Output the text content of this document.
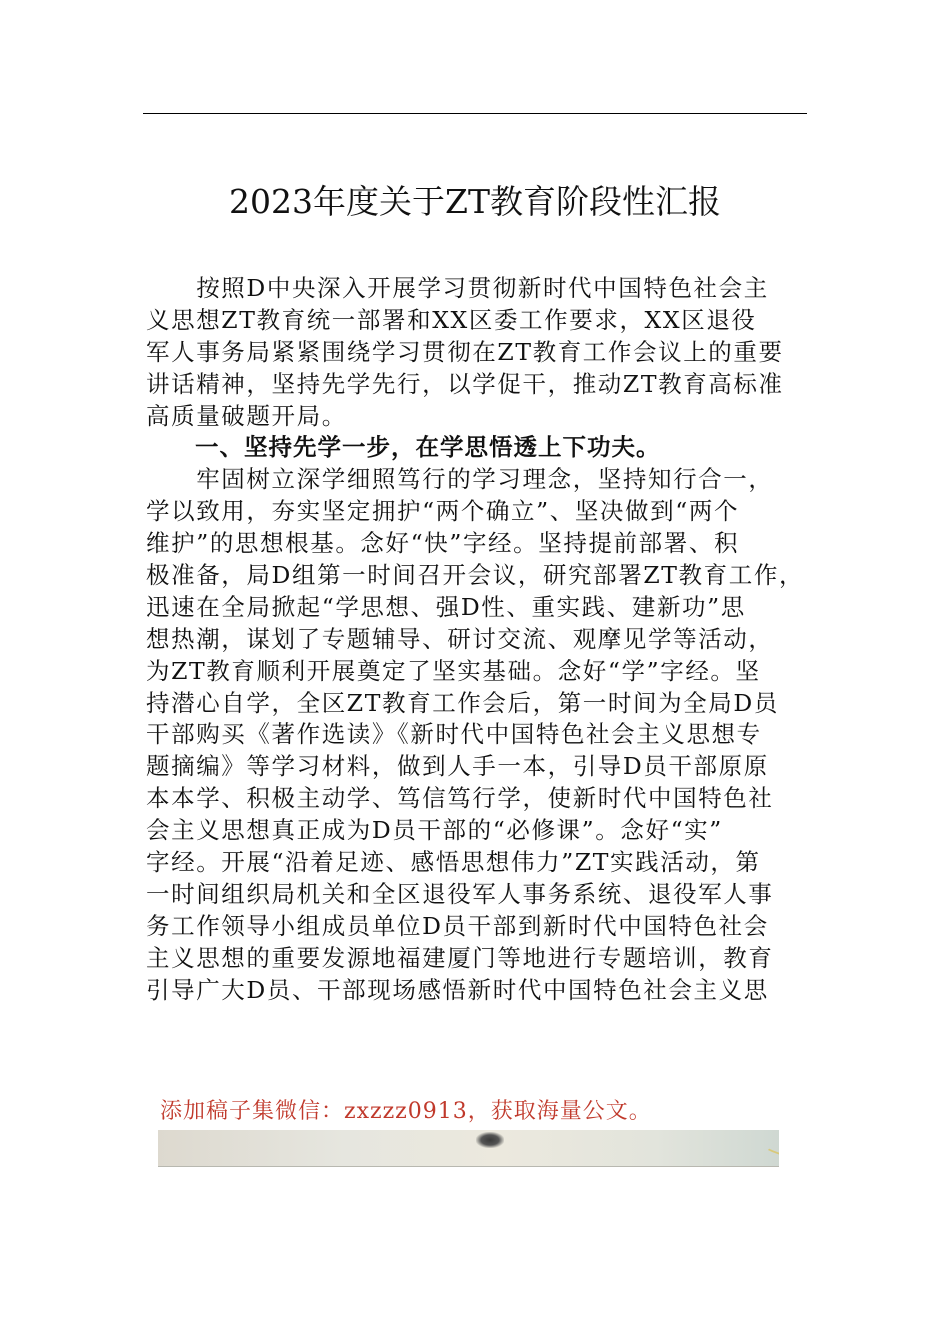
2023年度关于ZT教育阶段性汇报
　　按照D中央深入开展学习贯彻新时代中国特色社会主
义思想ZT教育统一部署和XX区委工作要求，XX区退役
军人事务局紧紧围绕学习贯彻在ZT教育工作会议上的重要
讲话精神，坚持先学先行，以学促干，推动ZT教育高标准
高质量破题开局。
　　一、坚持先学一步，在学思悟透上下功夫。
　　牢固树立深学细照笃行的学习理念，坚持知行合一，
学以致用，夯实坚定拥护“两个确立”、坚决做到“两个
维护”的思想根基。念好“快”字经。坚持提前部署、积
极准备，局D组第一时间召开会议，研究部署ZT教育工作，
迅速在全局掀起“学思想、强D性、重实践、建新功”思
想热潮，谋划了专题辅导、研讨交流、观摩见学等活动，
为ZT教育顺利开展奠定了坚实基础。念好“学”字经。坚
持潜心自学，全区ZT教育工作会后，第一时间为全局D员
干部购买《著作选读》《新时代中国特色社会主义思想专
题摘编》等学习材料，做到人手一本，引导D员干部原原
本本学、积极主动学、笃信笃行学，使新时代中国特色社
会主义思想真正成为D员干部的“必修课”。念好“实”
字经。开展“沿着足迹、感悟思想伟力”ZT实践活动，第
一时间组织局机关和全区退役军人事务系统、退役军人事
务工作领导小组成员单位D员干部到新时代中国特色社会
主义思想的重要发源地福建厦门等地进行专题培训，教育
引导广大D员、干部现场感悟新时代中国特色社会主义思
添加稿子集微信：zxzzz0913，获取海量公文。
